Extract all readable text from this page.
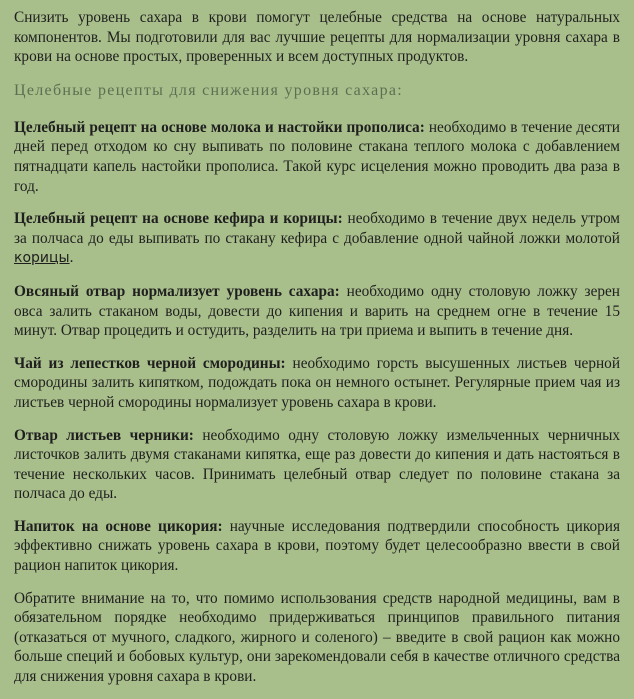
Снизить уровень сахара в крови помогут целебные средства на основе натуральных компонентов. Мы подготовили для вас лучшие рецепты для нормализации уровня сахара в крови на основе простых, проверенных и всем доступных продуктов.

Целебные рецепты для снижения уровня сахара:

Целебный рецепт на основе молока и настойки прополиса: необходимо в течение десяти дней перед отходом ко сну выпивать по половине стакана теплого молока с добавлением пятнадцати капель настойки прополиса. Такой курс исцеления можно проводить два раза в год.

Целебный рецепт на основе кефира и корицы: необходимо в течение двух недель утром за полчаса до еды выпивать по стакану кефира с добавление одной чайной ложки молотой корицы.

Овсяный отвар нормализует уровень сахара: необходимо одну столовую ложку зерен овса залить стаканом воды, довести до кипения и варить на среднем огне в течение 15 минут. Отвар процедить и остудить, разделить на три приема и выпить в течение дня.

Чай из лепестков черной смородины: необходимо горсть высушенных листьев черной смородины залить кипятком, подождать пока он немного остынет. Регулярные прием чая из листьев черной смородины нормализует уровень сахара в крови.

Отвар листьев черники: необходимо одну столовую ложку измельченных черничных листочков залить двумя стаканами кипятка, еще раз довести до кипения и дать настояться в течение нескольких часов. Принимать целебный отвар следует по половине стакана за полчаса до еды.

Напиток на основе цикория: научные исследования подтвердили способность цикория эффективно снижать уровень сахара в крови, поэтому будет целесообразно ввести в свой рацион напиток цикория.

Обратите внимание на то, что помимо использования средств народной медицины, вам в обязательном порядке необходимо придерживаться принципов правильного питания (отказаться от мучного, сладкого, жирного и соленого) – введите в свой рацион как можно больше специй и бобовых культур, они зарекомендовали себя в качестве отличного средства для снижения уровня сахара в крови.
